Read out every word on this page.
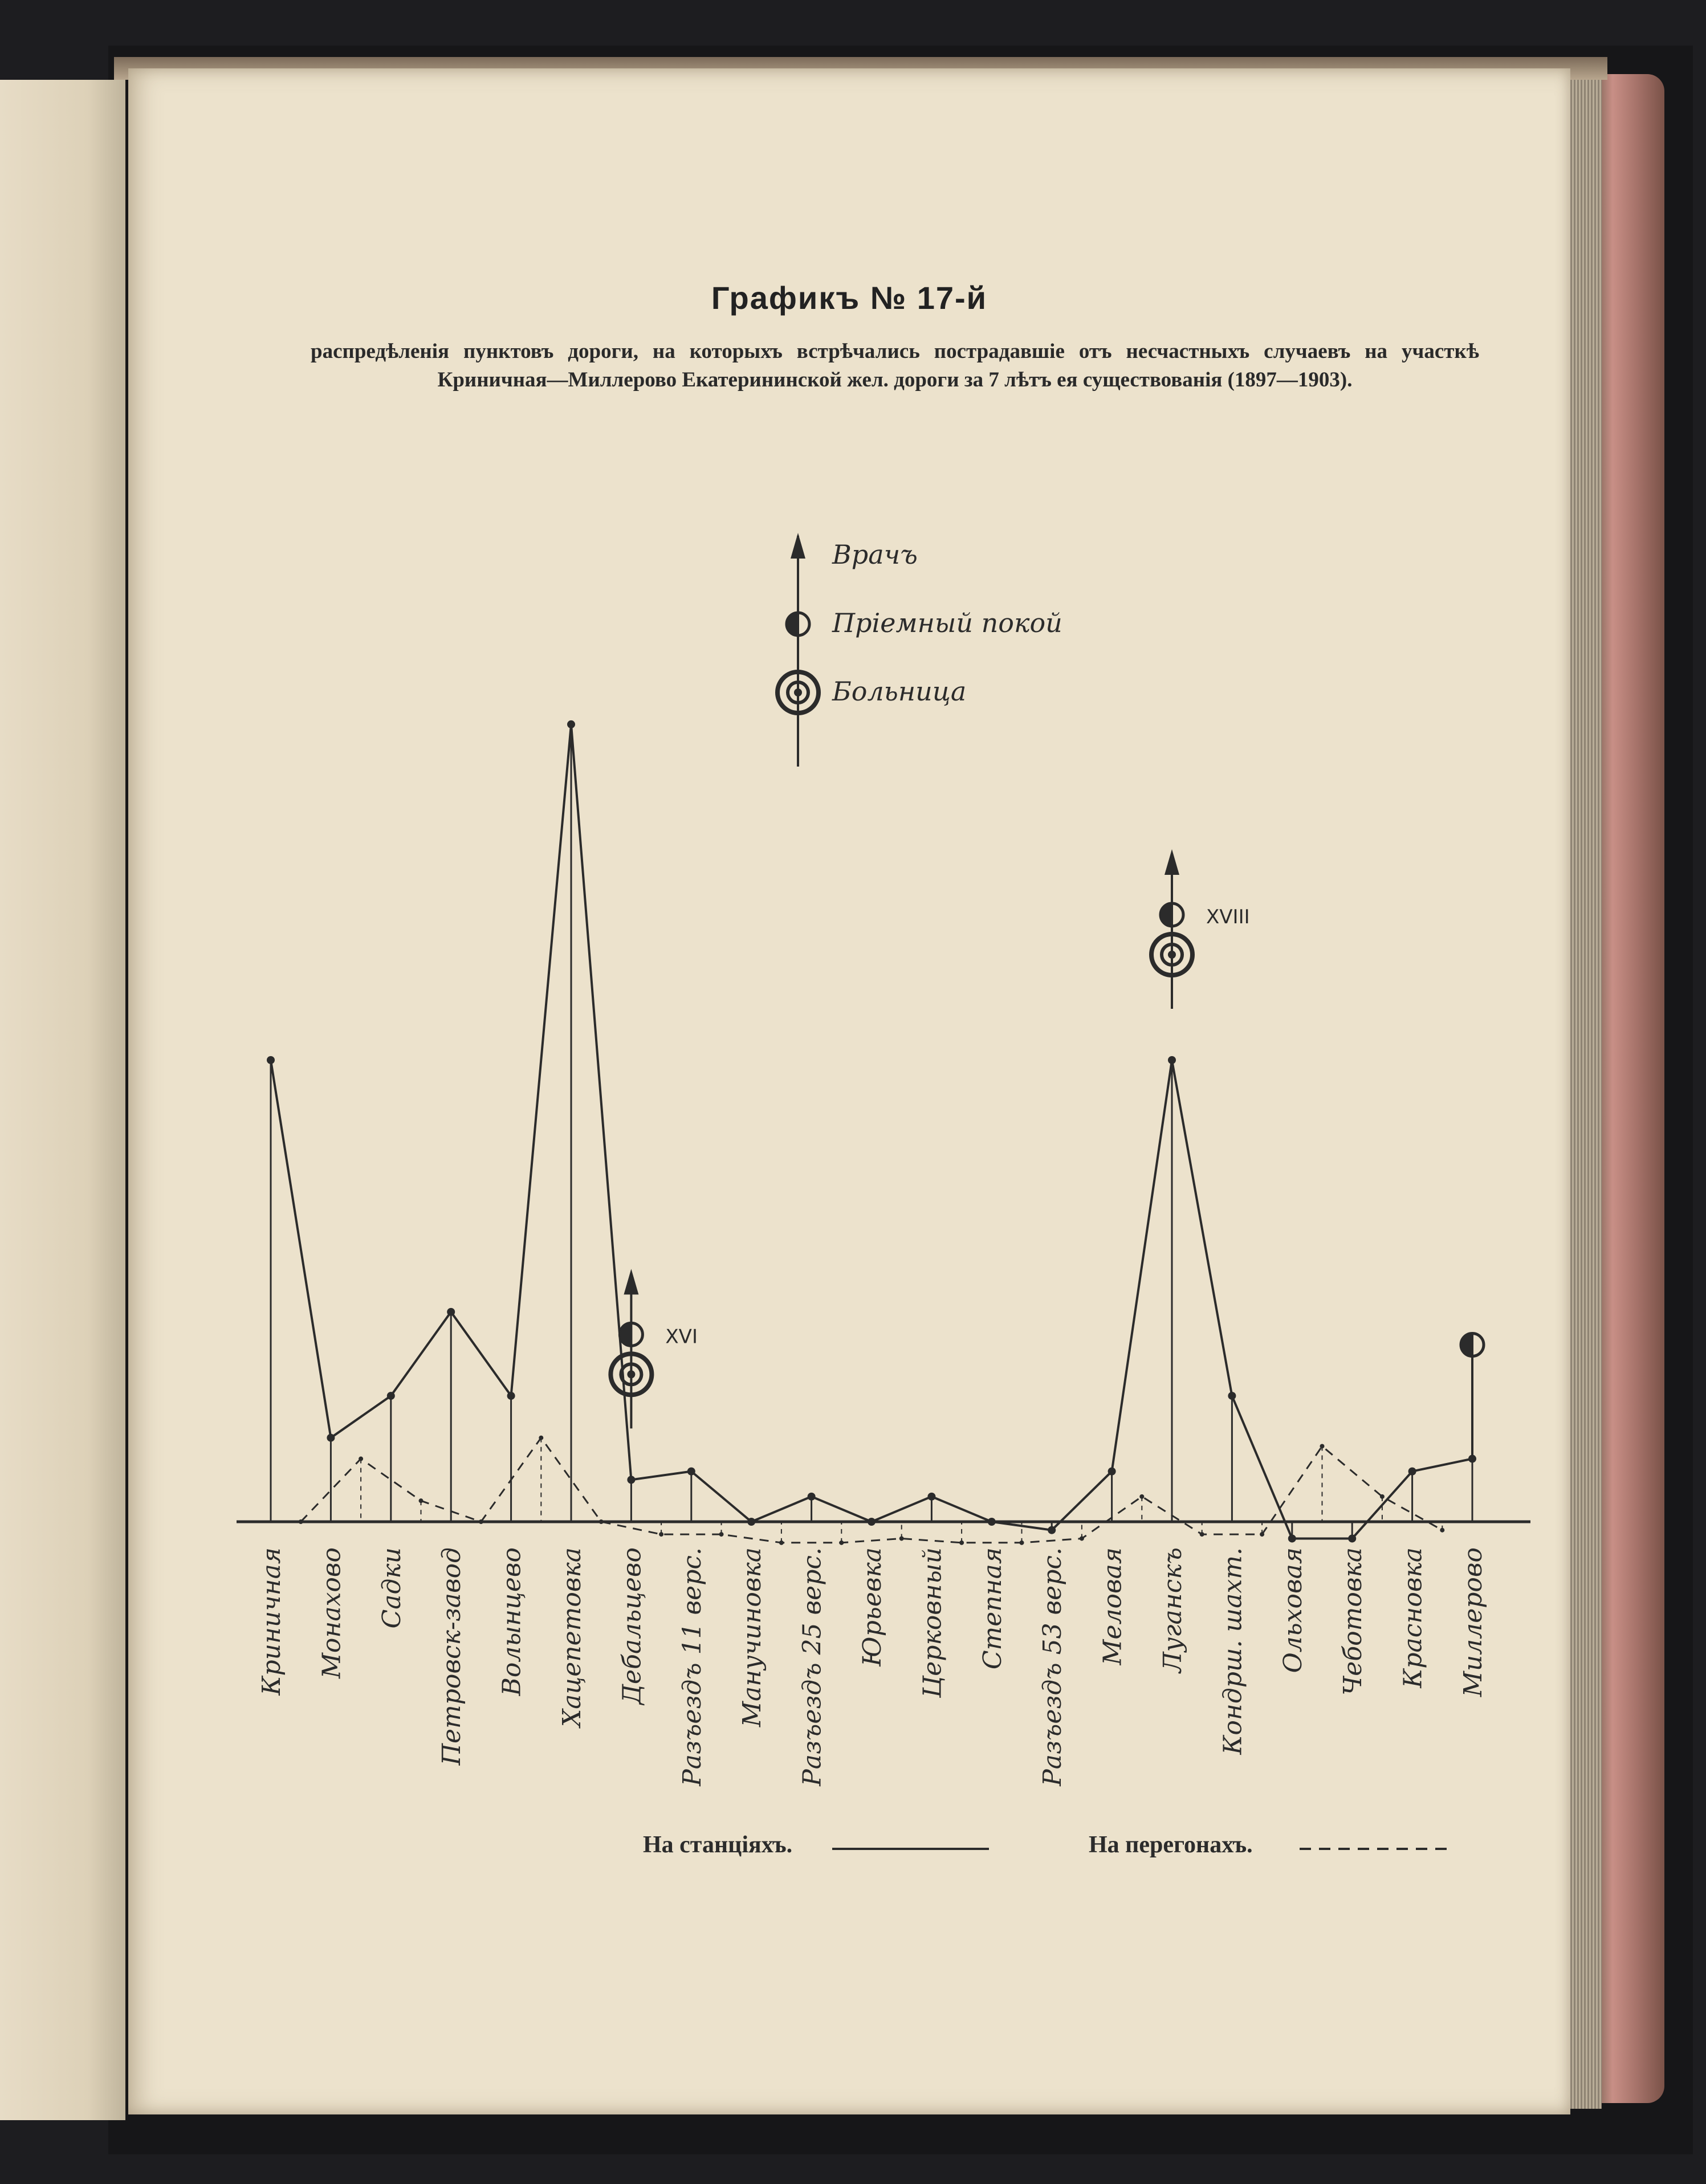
Графикъ № 17-й
распредѣленія пунктовъ дороги, на которыхъ встрѣчались пострадавшіе отъ несчастныхъ случаевъ на участкѣ Криничная—Миллерово Екатерининской жел. дороги за 7 лѣтъ ея существованія (1897—1903).
Врачъ
Пріемный покой
Больница
XVI
XVIII
Криничная Монахово Садки Петровск-завод Волынцево Хацепетовка Дебальцево Разъездъ 11 верс. Манучиновка Разъездъ 25 верс. Юрьевка Церковный Степная Разъездъ 53 верс. Меловая Луганскъ Кондрш. шахт. Ольховая Чеботовка Красновка Миллерово
На станціяхъ.	На перегонахъ.
